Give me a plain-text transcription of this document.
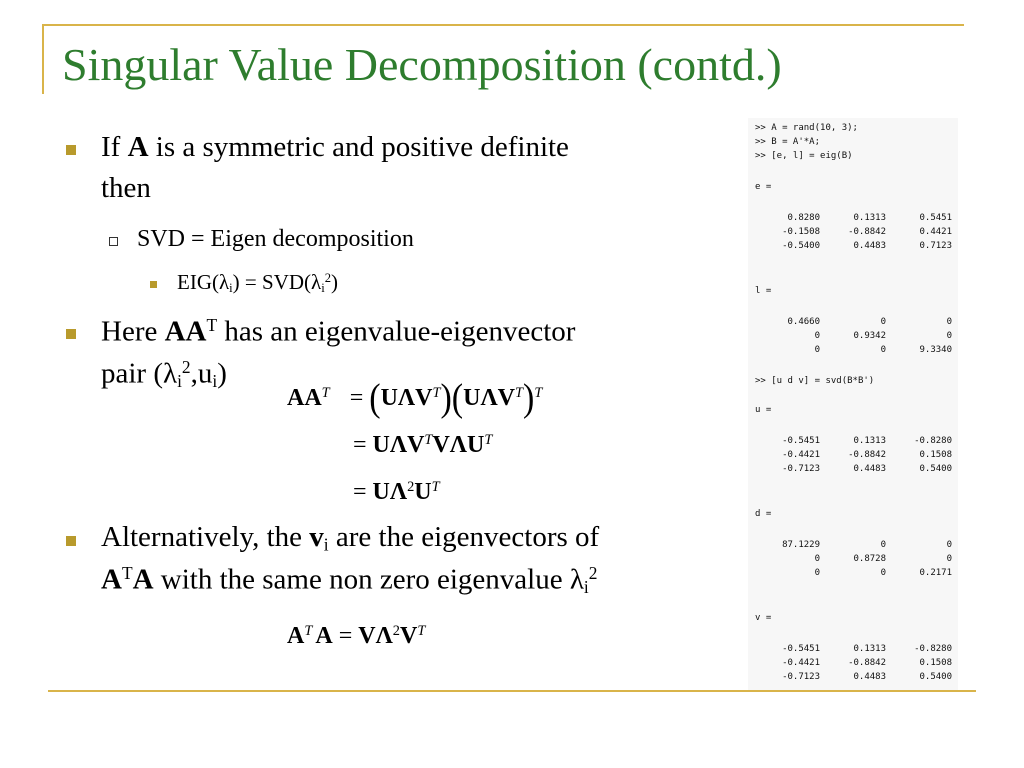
Singular Value Decomposition (contd.)
If A is a symmetric and positive definite
then
SVD = Eigen decomposition
$EIG(\lambda_i) = SVD(\lambda_i^2)$
Here $AA^T$ has an eigenvalue-eigenvector
pair $(\lambda_i^2,u_i)$
$AA^T = (U\Lambda V^T)(U\Lambda V^T)^T$
= $U\Lambda V^TV\Lambda U^T$
= $U\Lambda^2U^T$
Alternatively, the $v_i$ are the eigenvectors of
$A^TA$ with the same non zero eigenvalue $\lambda_i^2$
$A^T$ $A = V\Lambda^2V^T$
>> A = rand(10, 3);
>> B = A'*A;
>> [e, l] = eig(B)
e =
l =
>> [u d v] = svd(B*B')
u =
d =
v =
0.8280	0.1313	0.5451
-0.1508	-0.8842	0.4421
-0.5400	0.4483	0.7123
0.4660	0	0
0	0.9342	0
0	0	9.3340
-0.5451	0.1313	-0.8280
-0.4421	-0.8842	0.1508
-0.7123	0.4483	0.5400
87.1229	0	0
0	0.8728	0
0	0	0.2171
-0.5451	0.1313	-0.8280
-0.4421	-0.8842	0.1508
-0.7123	0.4483	0.5400
